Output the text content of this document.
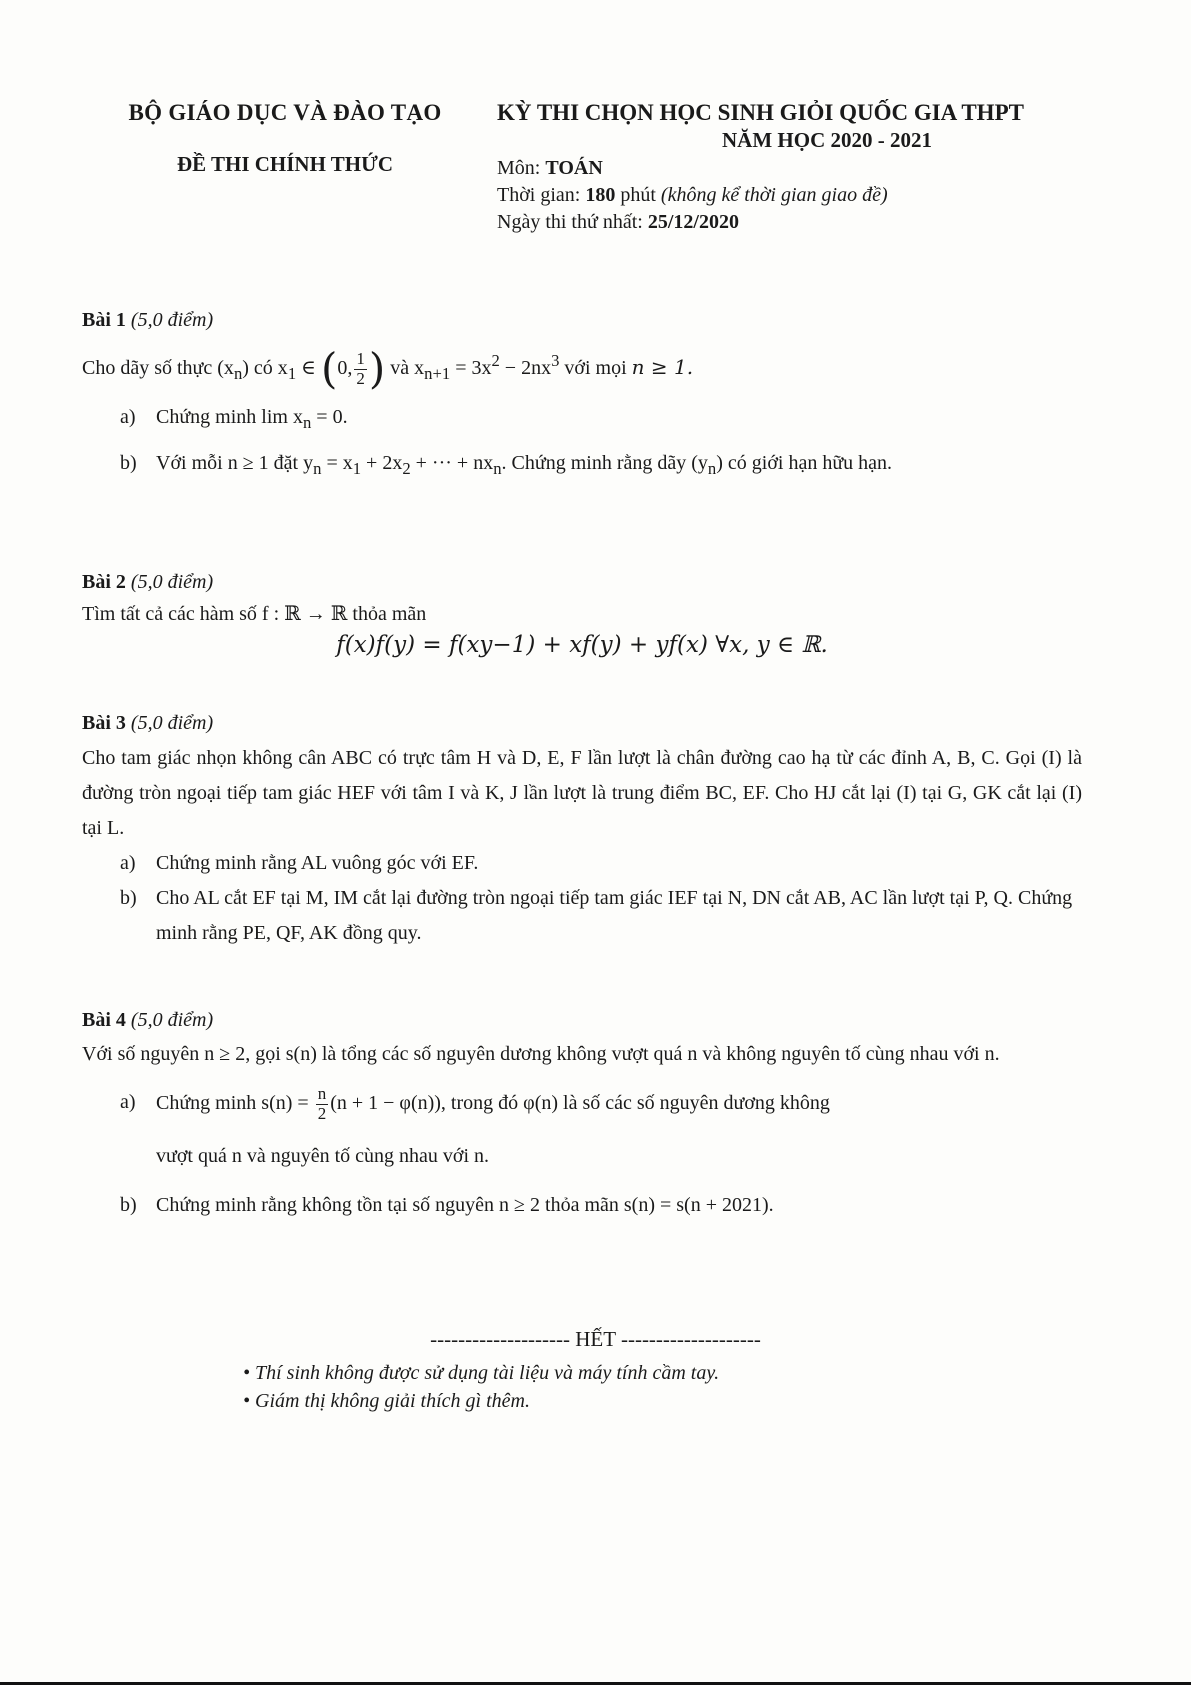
BỘ GIÁO DỤC VÀ ĐÀO TẠO
ĐỀ THI CHÍNH THỨC
KỲ THI CHỌN HỌC SINH GIỎI QUỐC GIA THPT
NĂM HỌC 2020 - 2021
Môn: TOÁN
Thời gian: 180 phút (không kể thời gian giao đề)
Ngày thi thứ nhất: 25/12/2020
Bài 1 (5,0 điểm)

Cho dãy số thực $(x_n)$ có $x_1$ ∈ (0, $\frac{1}{2}$ ) và $x_{n+1} = 3x^2 - 2nx^3$ với mọi n ≥ 1.

a)	Chứng minh $\lim x_n = 0$.
b) Với mỗi n ≥ 1 đặt $y_n = x_1 + 2x_2$ + ··· + $nx_n$. Chứng minh rằng dãy $(y_n)$ có giới hạn hữu hạn.
Bài 2 (5,0 điểm)

Tìm tất cả các hàm số f : ℝ → ℝ thỏa mãn

f(x)f(y) = f(xy−1) + xf(y) + yf(x) ∀x, y ∈ ℝ.
Bài 3 (5,0 điểm)

Cho tam giác nhọn không cân ABC có trực tâm H và D, E, F lần lượt là chân đường cao hạ từ các đỉnh A, B, C. Gọi (I) là đường tròn ngoại tiếp tam giác HEF với tâm I và K, J lần lượt là trung điểm BC, EF. Cho HJ cắt lại (I) tại G, GK cắt lại (I) tại L.

a)	Chứng minh rằng AL vuông góc với EF.
b) Cho AL cắt EF tại M, IM cắt lại đường tròn ngoại tiếp tam giác IEF tại N, DN cắt AB, AC lần lượt tại P, Q. Chứng minh rằng PE, QF, AK đồng quy.
Bài 4 (5,0 điểm)

Với số nguyên n ≥ 2, gọi s(n) là tổng các số nguyên dương không vượt quá n và không nguyên tố cùng nhau với n.

a)	Chứng minh $s(n) = \frac{n}{2} (n + 1 - \varphi(n))$, trong đó φ(n) là số các số nguyên dương không
vượt quá n và nguyên tố cùng nhau với n.
b) Chứng minh rằng không tồn tại số nguyên n ≥ 2 thỏa mãn s(n) = s(n + 2021).
-------------------- HẾT --------------------
• Thí sinh không được sử dụng tài liệu và máy tính cầm tay.
• Giám thị không giải thích gì thêm.
